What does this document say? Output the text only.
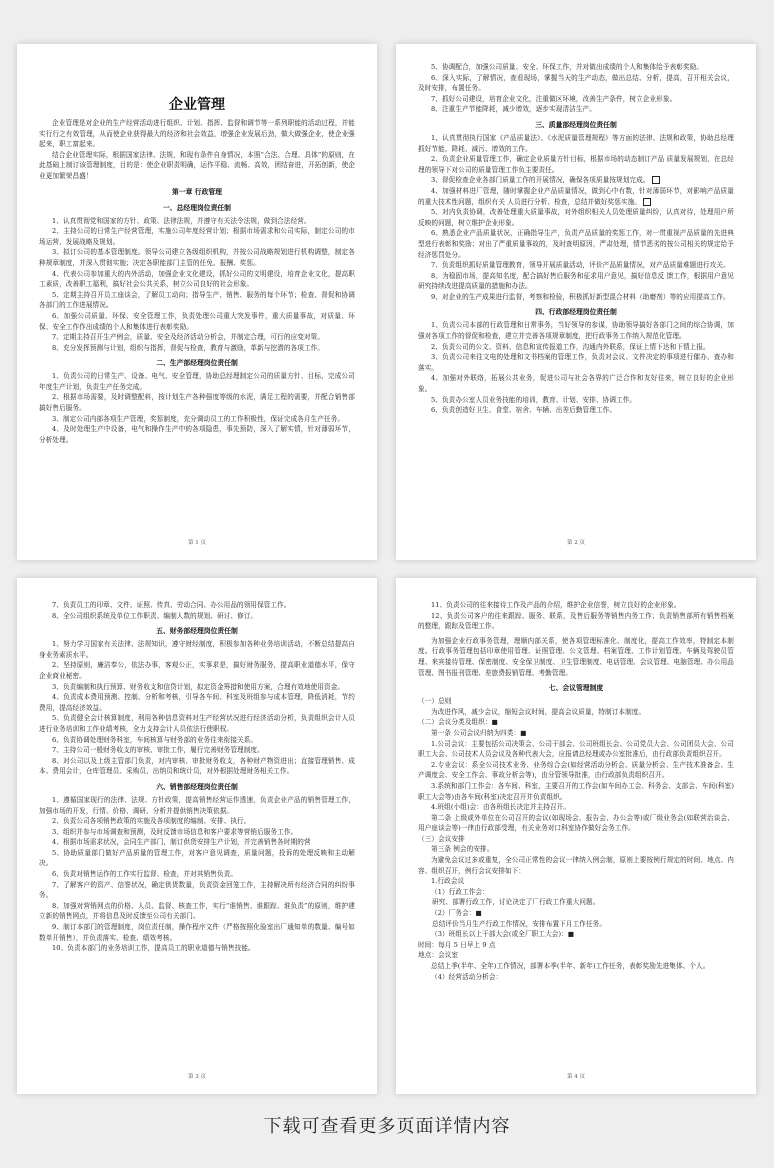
企业管理

企业管理是对企业的生产经营活动进行组织、计划、指挥、监督和调节等一系列职能的活动过程，并能实行行之有效管理，从而使企业获得最大的经济和社会效益，增强企业发展后劲，做大做强企业，使企业强起来，职工富起来。

结合企业管理实际，根据国家法律、法规，和现有条件自身情况，本照“合法、合理、具体”的原则，在此基础上制订该管理制度，目的是：使企业职责明确，运作平稳、流畅、高效，团结奋进，开拓创新，使企业更加繁荣昌盛！

第一章 行政管理
一、总经理岗位责任制

1、认真贯彻党和国家的方针、政策、法律法规，并遵守有关法令法规，做到合法经营。

2、主持公司的日常生产经营管理，实施公司年度经营计划；根据市场需求和公司实际，制定公司的市场运营、发展战略及规划。

3、拟订公司的基本管理制度。领导公司建立各级组织机构，并按公司战略规划进行机构调整，制定各种规章制度，并深入贯彻实施；决定各职能部门主管的任免、报酬、奖惩。

4、代表公司参加重大的内外活动，加强企业文化建设，抓好公司的文明建设，培育企业文化，提高职工素质，改善职工福利，搞好社会公共关系，树立公司良好的社会形象。

5、定期主持召开员工座谈会，了解员工动向；指导生产、销售、服务的每个环节；检查、督促和协调各部门的工作进展情况。

6、加强公司质量、环保、安全管理工作，负责处理公司重大突发事件，重大质量事故，对质量、环保、安全工作作出成绩的个人和集体进行表彰奖励。

7、定期主持召开生产例会，质量、安全及经济活动分析会，并制定合理，可行的应变对策。

8、充分发挥预测与计划，组织与指挥，督促与检查，教育与激励，革新与挖潜的各项工作。

二、生产部经理岗位责任制

1、负责公司的日常生产、设备、电气、安全管理，协助总经理制定公司的质量方针、目标，完成公司年度生产计划，负责生产任务完成。

2、根据市场需要，及时调整配料，按计划生产各种强度等级的水泥，满足工程的需要，并配合销售部搞好售后服务。

3、制定公司内部各项生产管理，奖惩制度，充分调动员工的工作积极性，保证完成各月生产任务。

4、及时处理生产中设备，电气和操作生产中的各项隐患，事先预防，深入了解实情，针对薄弱环节，分析处理。

第 1 页

5、协调配合，加强公司质量、安全、环保工作，并对做出成绩的个人和集体给予表彰奖励。

6、深入实际，了解情况，查看现场，掌握当天的生产动态，做出总结、分析，提高，召开相关会议，及时安排，布置任务。

7、抓好公司建设，培育企业文化，注重做区环境，改善生产条件，树立企业形象。

8、注重生产节能降耗，减少增效，逐步实现清洁生产。

三、质量部经理岗位责任制

1、认真贯彻执行国家《产品质量法》、《水泥质量管理规程》等方面的法律、法规和政策，协助总经理抓好节能、降耗、减污、增效的工作。

2、负责企业质量管理工作，确定企业质量方针目标，根据市场的动态制订产品 质量发展规划，在总经理的领导下对公司的质量管理工作负主要责任。

3、督促检查企业各部门质量工作的开展情况，确保各项质量按规划完成。

4、加强材料进厂管理，随时掌握企业产品质量情况，做到心中有数，针对薄弱环节，对影响产品质量的重大技术性问题，组织有关 人员进行分析、检查，总结并做好奖惩实施。

5、对内负责协调，改善处理重大质量事故，对外组织相关人员处理质量纠纷，认真对待，处理用户所反映的问题，树立维护企业形象。

6、熟悉企业产品质量状况，正确指导生产，负责产品质量的奖惩工作，对一贯重视产品质量的先进典型进行表彰和奖励；对出了严重质量事故的，及时查明原因，严肃处理，情节恶劣的按公司相关的规定给予经济惩罚处分。

7、负责组织抓好质量管理教育，领导开展质量活动，评价产品质量情况，对产品质量难题进行攻关。

8、为稳固市场，提高知名度，配合搞好售后服务和征求用户意见，搞好信息反 馈工作，根据用户意见研究持续改进提高质量的措施和办法。

9、对企业的生产成果进行监督，考察和检验，积极抓好新型混合材料（助磨剂）等的应用提高工作。

四、行政部经理岗位责任制

1、负责公司本部的行政管理和日常事务，当好领导的参谋，协助领导搞好各部门之间的综合协调，加强对各项工作的督促和检查，建立并完善各项规章制度，把行政事务工作纳入规范化管理。

2、负责公司的公文、资料、信息和宣传报道工作，沟通内外联系，保证上情下达和下情上报。

3、负责公司来往文电的处理和文书档案的管理工作，负责对会议、文件决定的事项进行催办、查办和落实。

4、加强对外联络，拓展公共业务，促进公司与社会各界的广泛合作和友好往来，树立良好的企业形象。

5、负责办公室人员业务技能的培训，教育、计划、安排、协调工作。

6、负责创造好卫生、食堂、宿舍、车辆、出差后勤管理工作。

第 2 页

7、负责员工的印章、文件、证照、传真、劳动合同、办公用品的领用保管工作。

8、全公司组织系统及单位工作职责、编制人数的规划、研讨、修订。

五、财务部经理岗位责任制

1、努力学习国家有关法律、法规知识，遵守财经制度，积极参加各种业务培训活动，不断总结提高自身业务素质水平。

2、坚持原则，廉洁奉公，依法办事，客观公正，实事求是，搞好财务服务，提高职业道德水平，保守企业商业秘密。

3、负责编制和执行预算、财务收支和信贷计划，拟定资金筹措和使用方案，合理有效地使用资金。

4、负责成本费用预测、控制、分析和考核，引导各车间、科室及班组参与成本管理，降低消耗，节约费用，提高经济效益。

5、负责健全会计核算制度，利用各种信息资料对生产经营状况进行经济活动分析，负责组织会计人员进行业务培训和工作业绩考核，全力支持会计人员依法行使职权。

6、负责协调处理财务科室，车间核算与财务部的业务往来衔接关系。

7、主持公司一般财务收支的审核、审批工作，履行完善财务管理制度。

8、对公司以及上级主管部门负责，对内审核、审批财务收支，各种财产物资进出；直接管理销售、成本、费用会计，仓库管理员、采购员、出纳员和统计员，对外根据处理财务相关工作。

六、销售部经理岗位责任制

1、遵循国家现行的法律、法规、方针政策，提高销售经营运作透速，负责企业产品的销售管理工作，加强市场的开发，行情、价格、调研、分析并提供销售决策依据。

2、负责公司各项销售政策的实施及各项制度的编制、安排、执行。

3、组织并参与市场调查和预测，及时反馈市场信息和客户要求等营销后服务工作。

4、根据市场需求状况，会同生产部门，制订供货安排生产计划，并完善销售各时期的营

5、协助质量部门做好产品质量的管理工作，对客户意见调查，质量问题，投诉的处理反映和主动解决。

6、负责对销售运作的工作实行监督、检查，并对其销售负责。

7、了解客户的资产、信誉状况，确定供货数量，负责资金回笼工作，主持解决所有经济合同的纠纷事务。

8、加强对营销网点的价格、人员、监督、核查工作，实行“谁销售、谁跟踪、谁负责”的原则，维护建立新的销售网点，并将信息及时反馈至公司有关部门。

9、制订本部门的管理制度，岗位责任制，操作程序文件（严格按照化验室出厂通知单的数量、编号如数单开销售），并负责落实、检查、绩效考核。

10、负责本部门的业务培训工作，提高员工的职业道德与销售技能。

第 3 页

11、负责公司的往来接待工作及产品的介绍，维护企业信誉，树立良好的企业形象。

12、负责公司客户的往来跟踪、服务、联系，及售后服务等销售内务工作；负责销售部所有销售档案的整理，跟踪及管理工作。

为加强企业行政事务管理，理顺内部关系，使各项管理标准化、制度化，提高工作效率，特制定本制度。行政事务管理包括印章使用管理、证照管理、公文管理、档案管理、工作计划管理、车辆及驾驶员管理、来宾接待管理、保密制度、安全保卫制度、卫生管理制度、电话管理、会议管理、电脑管理、办公用品管理、图书报刊管理、差旅费报销管理、考勤管理。

七、会议管理制度

（一）总则

为改进作风，减少会议，缩短会议时间，提高会议质量，特制订本制度。

（二）会议分类及组织：■

第一条 公司会议归纳为四类：■

1.公司会议：主要包括公司决策会、公司干部会、公司班组长会、公司党员大会、公司团员大会、公司职工大会、公司技术人员会议及各种代表大会，应报请总经理或办公室批准后，由行政部负责组织召开。

2.专业会议：系全公司技术业务、业务综合会(如经营活动分析会、质量分析会、生产技术准备会、生产调度会、安全工作会、事故分析会等)，由分管领导批准，由行政部负责组织召开。

3.系统和部门工作会：各车间、科室，主要召开的工作会(如车间办工会、科务会、支部会、车间(科室)职工大会等)由各车间(科室)决定召开并负责组织。

4.班组(小组)会：由各班组长决定并主持召开。

第二条 上级或外单位在公司召开的会议(如现场会、报告会、办公会等)或厂级业务会(如联营治谈会、用户座谈会等)一律由行政部受理，有关业务对口科室协作做好会务工作。

（三）会议安排

第三条 例会的安排。

为避免会议过多或重复，全公司正常性的会议一律纳入例会制，原则上要按例行规定的时间、地点、内容、组织召开，例行会议安排如下：

1.行政会议

（1）行政工作会：

研究、部署行政工作，讨论决定了厂行政工作重大问题。

（2）厂务会：■

总结评价当月生产行政工作情况，安排布置下月工作任务。

（3）班组长以上干部大会(或全厂职工大会)：■

时间：每月 5 日早上 9 点

地点：会议室

总结上季(半年、全年)工作情况，部署本季(半年、新年)工作任务，表彰奖励先进集体、个人。

（4）经营活动分析会：

第 4 页
下载可查看更多页面详情内容
